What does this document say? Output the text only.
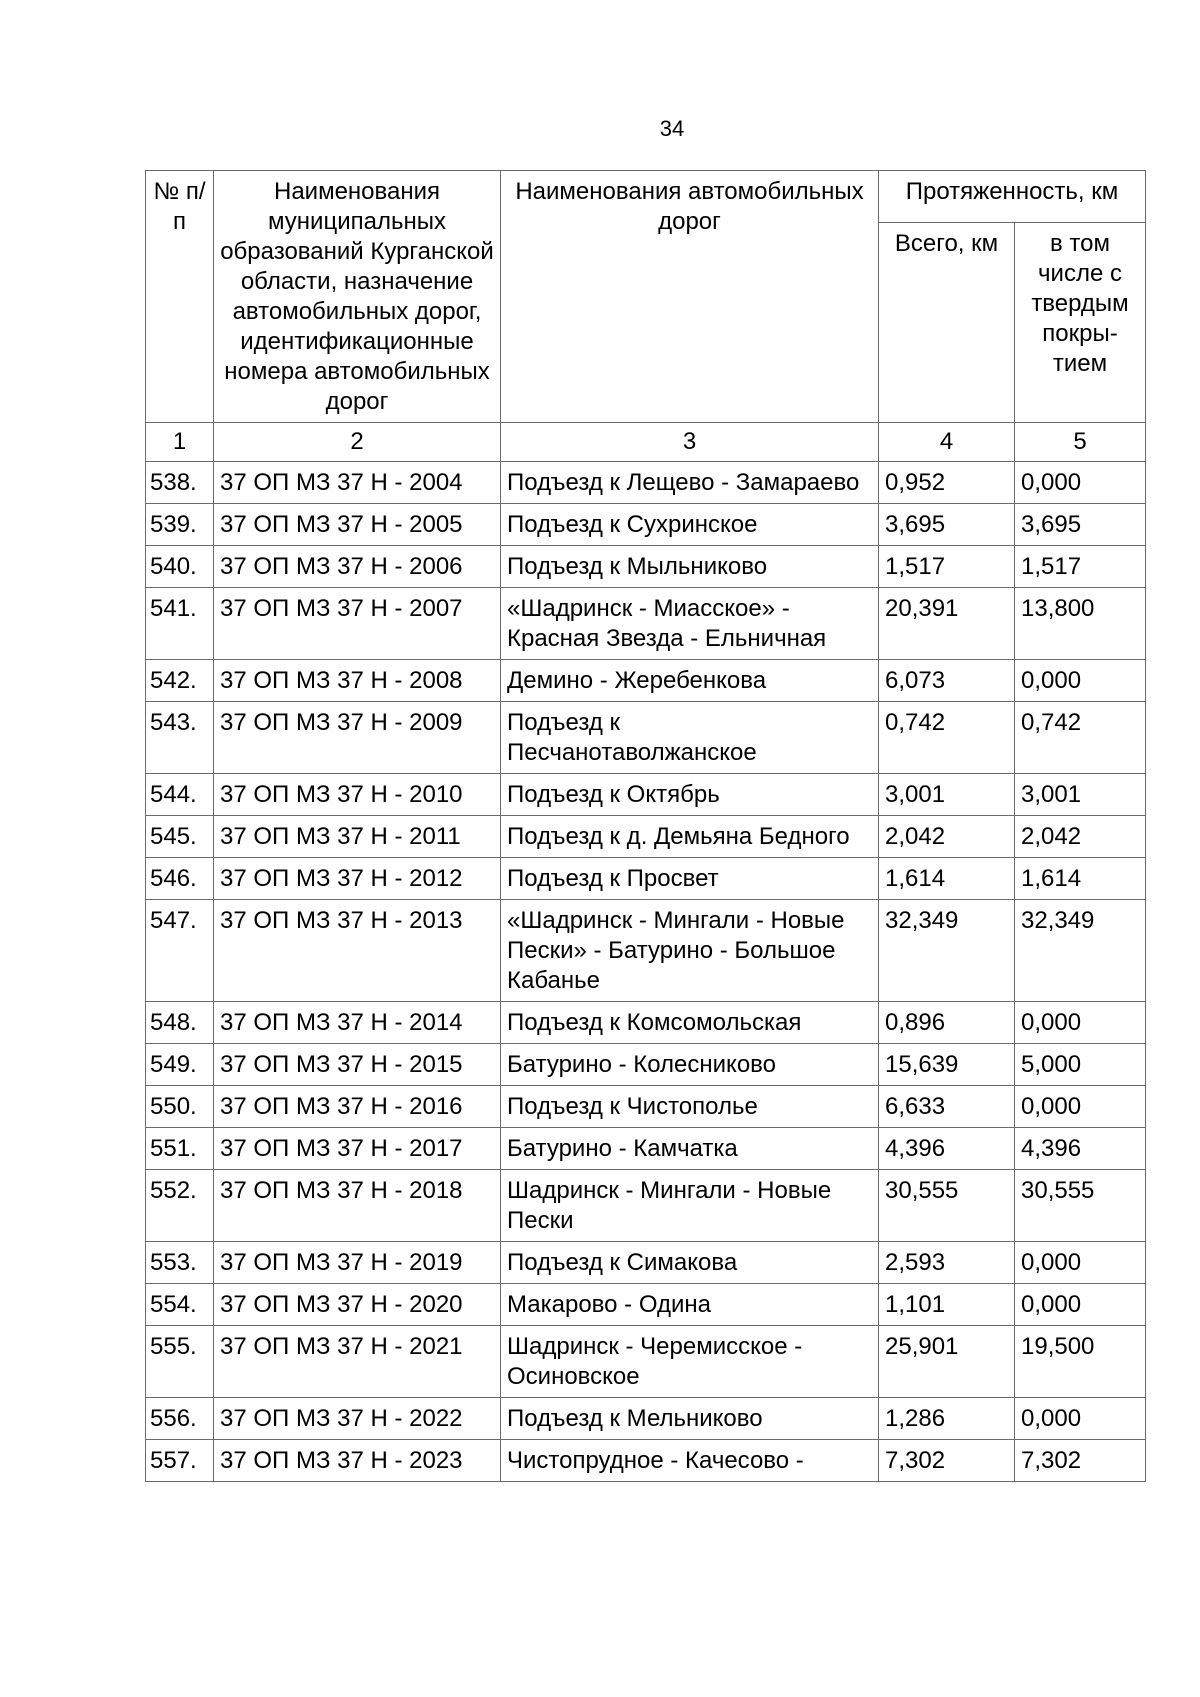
34
№ п/п	Наименования муниципальных образований Курганской области, назначение автомобильных дорог, идентификационные номера автомобильных дорог	Наименования автомобильных дорог	Протяженность, км	
			Всего, км	в том числе с твердым покры-тием
1	2	3	4	5
538.	37 ОП МЗ 37 Н - 2004	Подъезд к Лещево - Замараево	0,952	0,000
539.	37 ОП МЗ 37 Н - 2005	Подъезд к Сухринское	3,695	3,695
540.	37 ОП МЗ 37 Н - 2006	Подъезд к Мыльниково	1,517	1,517
541.	37 ОП МЗ 37 Н - 2007	«Шадринск - Миасское» - Красная Звезда - Ельничная	20,391	13,800
542.	37 ОП МЗ 37 Н - 2008	Демино - Жеребенкова	6,073	0,000
543.	37 ОП МЗ 37 Н - 2009	Подъезд к Песчанотаволжанское	0,742	0,742
544.	37 ОП МЗ 37 Н - 2010	Подъезд к Октябрь	3,001	3,001
545.	37 ОП МЗ 37 Н - 2011	Подъезд к д. Демьяна Бедного	2,042	2,042
546.	37 ОП МЗ 37 Н - 2012	Подъезд к Просвет	1,614	1,614
547.	37 ОП МЗ 37 Н - 2013	«Шадринск - Мингали - Новые Пески» - Батурино - Большое Кабанье	32,349	32,349
548.	37 ОП МЗ 37 Н - 2014	Подъезд к Комсомольская	0,896	0,000
549.	37 ОП МЗ 37 Н - 2015	Батурино - Колесниково	15,639	5,000
550.	37 ОП МЗ 37 Н - 2016	Подъезд к Чистополье	6,633	0,000
551.	37 ОП МЗ 37 Н - 2017	Батурино - Камчатка	4,396	4,396
552.	37 ОП МЗ 37 Н - 2018	Шадринск - Мингали - Новые Пески	30,555	30,555
553.	37 ОП МЗ 37 Н - 2019	Подъезд к Симакова	2,593	0,000
554.	37 ОП МЗ 37 Н - 2020	Макарово - Одина	1,101	0,000
555.	37 ОП МЗ 37 Н - 2021	Шадринск - Черемисское - Осиновское	25,901	19,500
556.	37 ОП МЗ 37 Н - 2022	Подъезд к Мельниково	1,286	0,000
557.	37 ОП МЗ 37 Н - 2023	Чистопрудное - Качесово -	7,302	7,302
